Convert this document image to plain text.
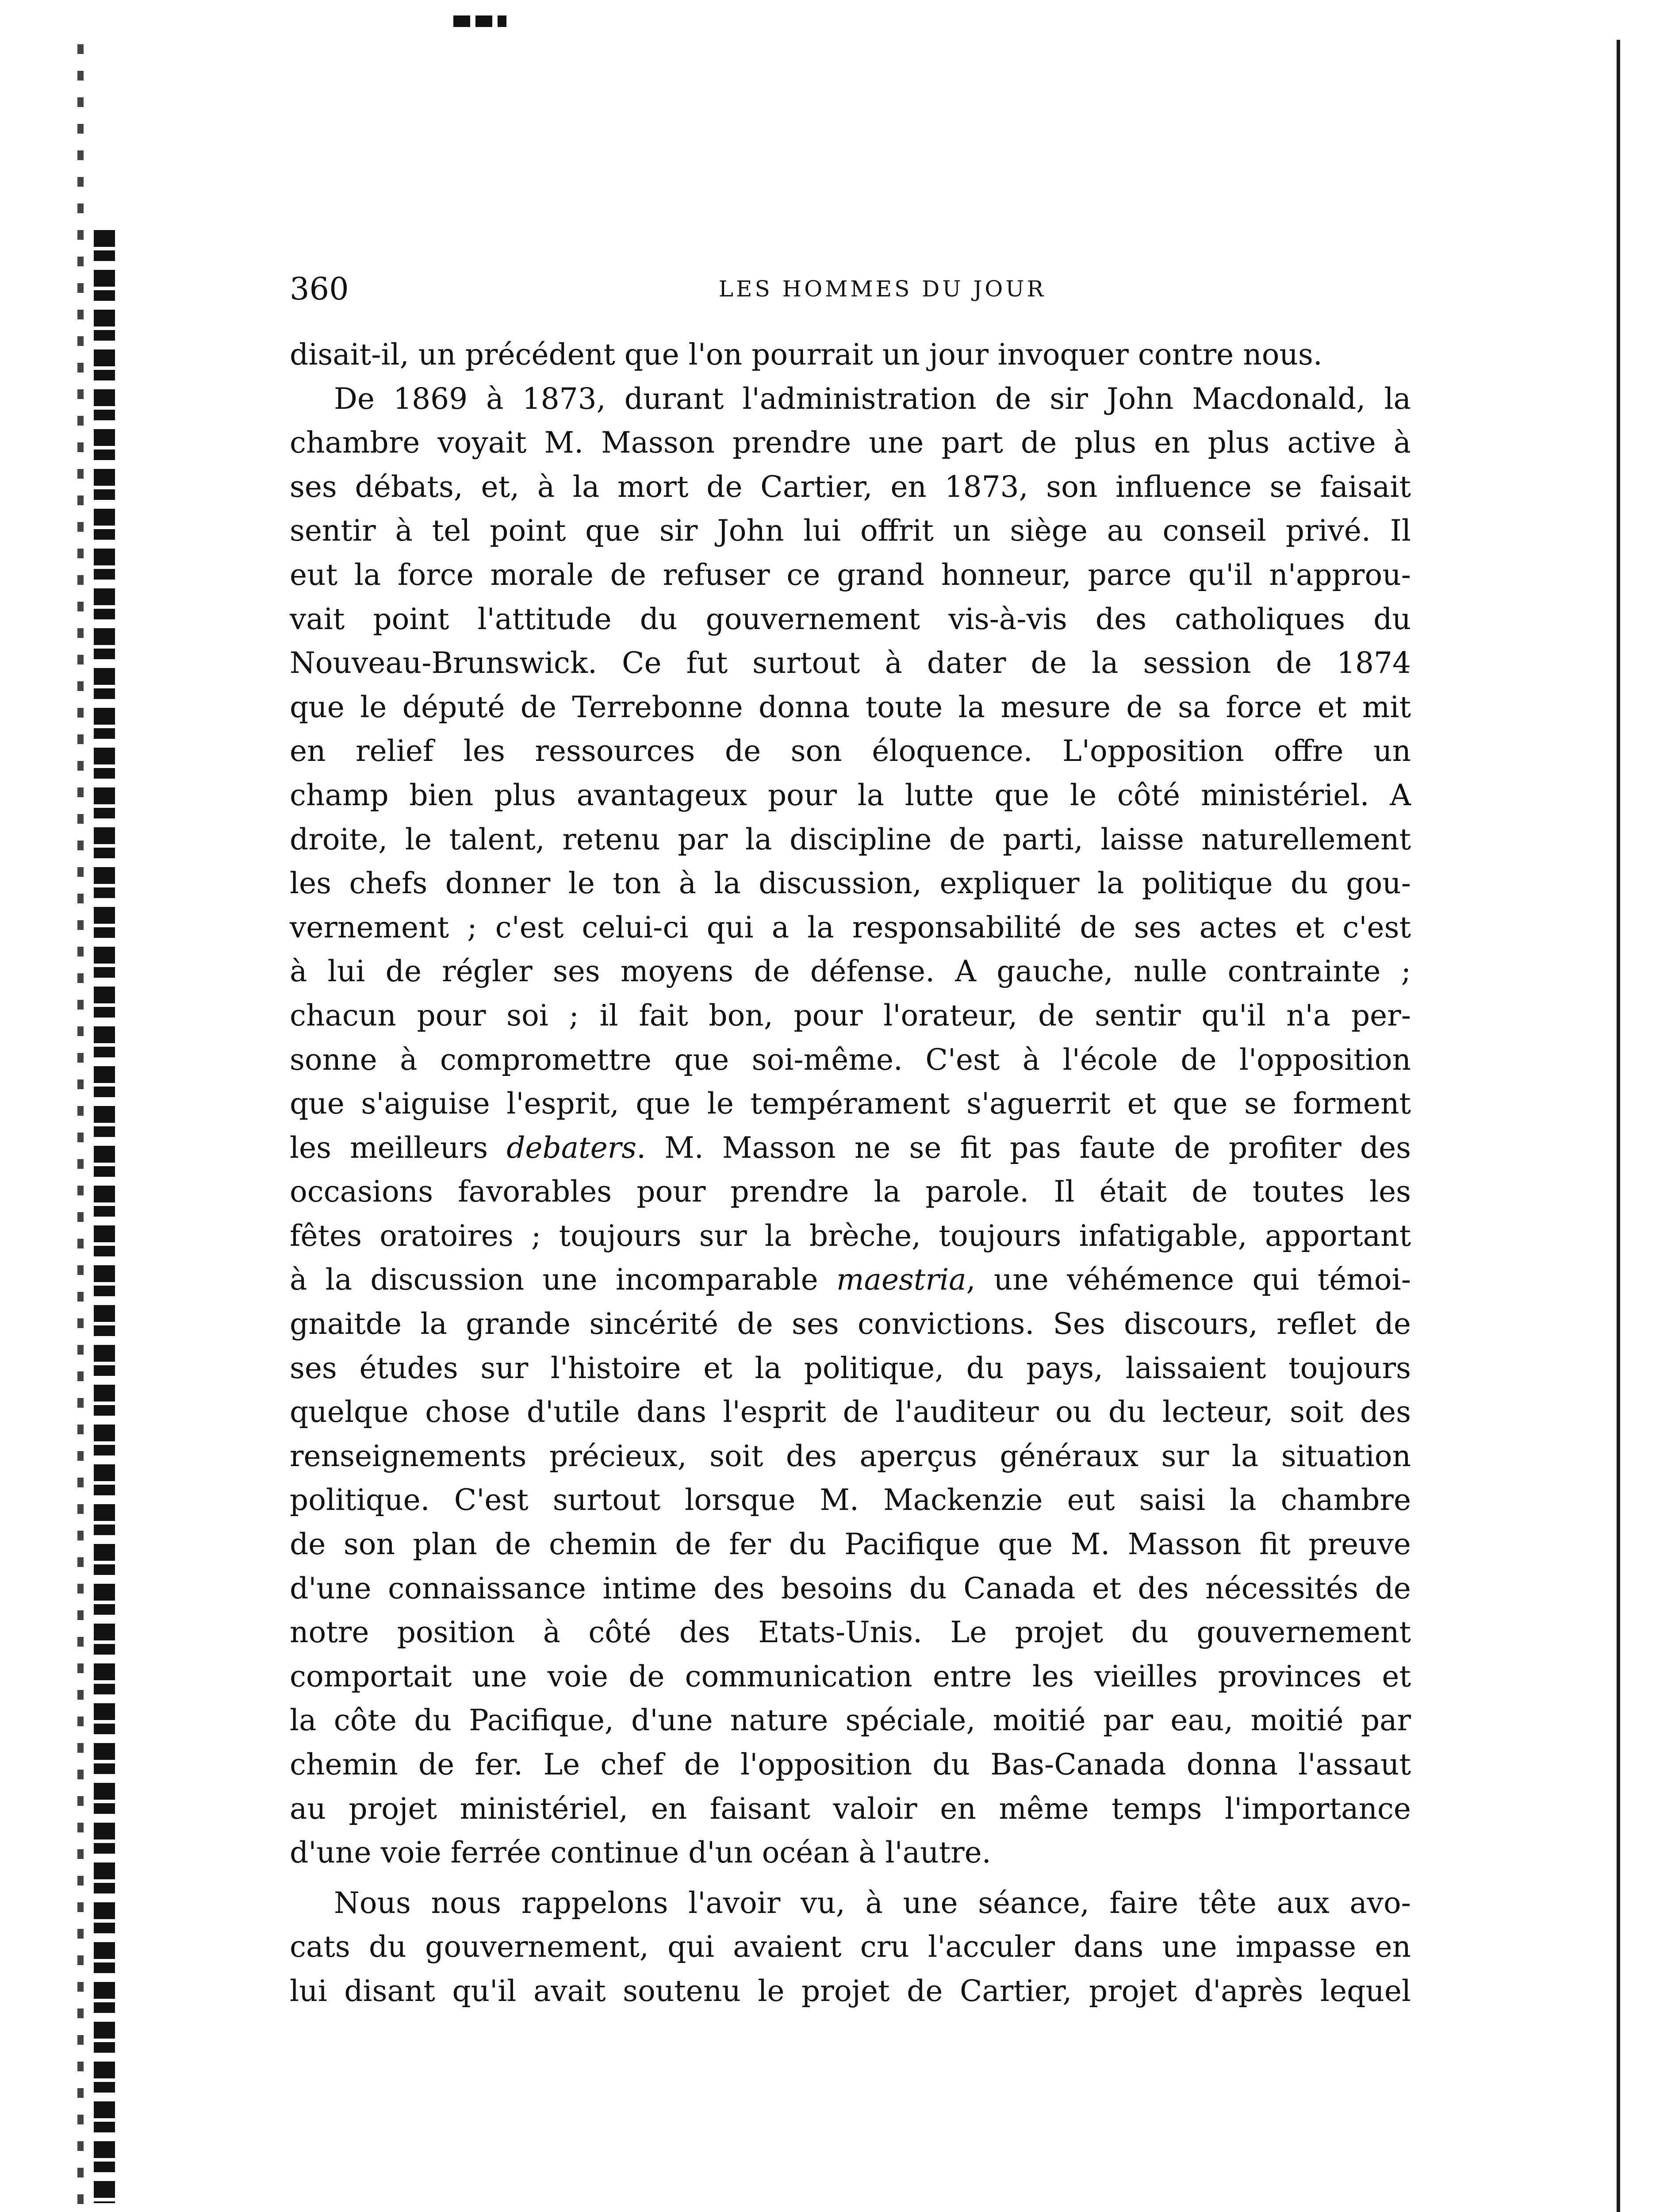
360	LES HOMMES DU JOUR
disait-il, un précédent que l'on pourrait un jour invoquer contre nous.
De 1869 à 1873, durant l'administration de sir John Macdonald, la
chambre voyait M. Masson prendre une part de plus en plus active à
ses débats, et, à la mort de Cartier, en 1873, son influence se faisait
sentir à tel point que sir John lui offrit un siège au conseil privé. Il
eut la force morale de refuser ce grand honneur, parce qu'il n'approu-
vait point l'attitude du gouvernement vis-à-vis des catholiques du
Nouveau-Brunswick. Ce fut surtout à dater de la session de 1874
que le député de Terrebonne donna toute la mesure de sa force et mit
en relief les ressources de son éloquence. L'opposition offre un
champ bien plus avantageux pour la lutte que le côté ministériel. A
droite, le talent, retenu par la discipline de parti, laisse naturellement
les chefs donner le ton à la discussion, expliquer la politique du gou-
vernement ; c'est celui-ci qui a la responsabilité de ses actes et c'est
à lui de régler ses moyens de défense. A gauche, nulle contrainte ;
chacun pour soi ; il fait bon, pour l'orateur, de sentir qu'il n'a per-
sonne à compromettre que soi-même. C'est à l'école de l'opposition
que s'aiguise l'esprit, que le tempérament s'aguerrit et que se forment
les meilleurs debaters. M. Masson ne se fit pas faute de profiter des
occasions favorables pour prendre la parole. Il était de toutes les
fêtes oratoires ; toujours sur la brèche, toujours infatigable, apportant
à la discussion une incomparable maestria, une véhémence qui témoi-
gnaitde la grande sincérité de ses convictions. Ses discours, reflet de
ses études sur l'histoire et la politique, du pays, laissaient toujours
quelque chose d'utile dans l'esprit de l'auditeur ou du lecteur, soit des
renseignements précieux, soit des aperçus généraux sur la situation
politique. C'est surtout lorsque M. Mackenzie eut saisi la chambre
de son plan de chemin de fer du Pacifique que M. Masson fit preuve
d'une connaissance intime des besoins du Canada et des nécessités de
notre position à côté des Etats-Unis. Le projet du gouvernement
comportait une voie de communication entre les vieilles provinces et
la côte du Pacifique, d'une nature spéciale, moitié par eau, moitié par
chemin de fer. Le chef de l'opposition du Bas-Canada donna l'assaut
au projet ministériel, en faisant valoir en même temps l'importance
d'une voie ferrée continue d'un océan à l'autre.
Nous nous rappelons l'avoir vu, à une séance, faire tête aux avo-
cats du gouvernement, qui avaient cru l'acculer dans une impasse en
lui disant qu'il avait soutenu le projet de Cartier, projet d'après lequel
